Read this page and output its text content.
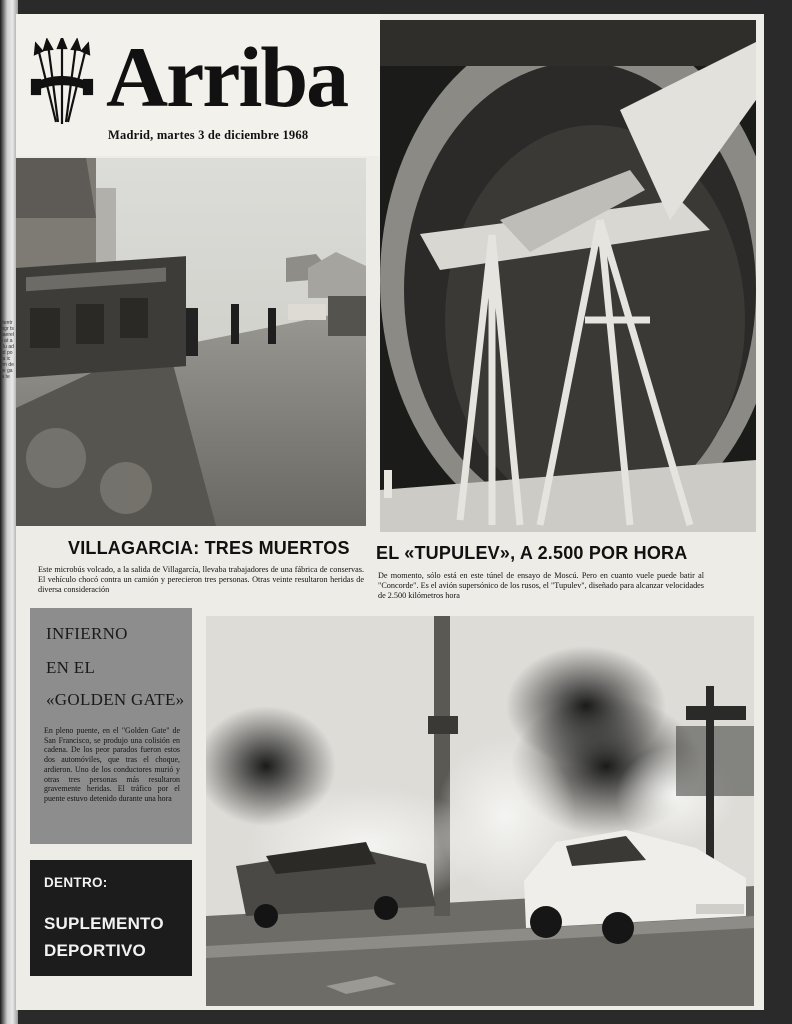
ctentrmgr tsoaerelo at ar lu ad ed po ca ic em de ne ga ta te
Arriba
Madrid, martes 3 de diciembre 1968
VILLAGARCIA: TRES MUERTOS
Este microbús volcado, a la salida de Villagarcía, llevaba trabajadores de una fábrica de conservas. El vehículo chocó contra un camión y perecieron tres personas. Otras veinte resultaron heridas de diversa consideración
EL «TUPULEV», A 2.500 POR HORA
De momento, sólo está en este túnel de ensayo de Moscú. Pero en cuanto vuele puede batir al "Concorde". Es el avión supersónico de los rusos, el "Tupulev", diseñado para alcanzar velocidades de 2.500 kilómetros hora
INFIERNO
EN EL
«GOLDEN GATE»
En pleno puente, en el "Golden Gate" de San Francisco, se produjo una colisión en cadena. De los peor parados fueron estos dos automóviles, que tras el choque, ardieron. Uno de los conductores murió y otras tres personas más resultaron gravemente heridas. El tráfico por el puente estuvo detenido durante una hora
DENTRO:
SUPLEMENTO DEPORTIVO
